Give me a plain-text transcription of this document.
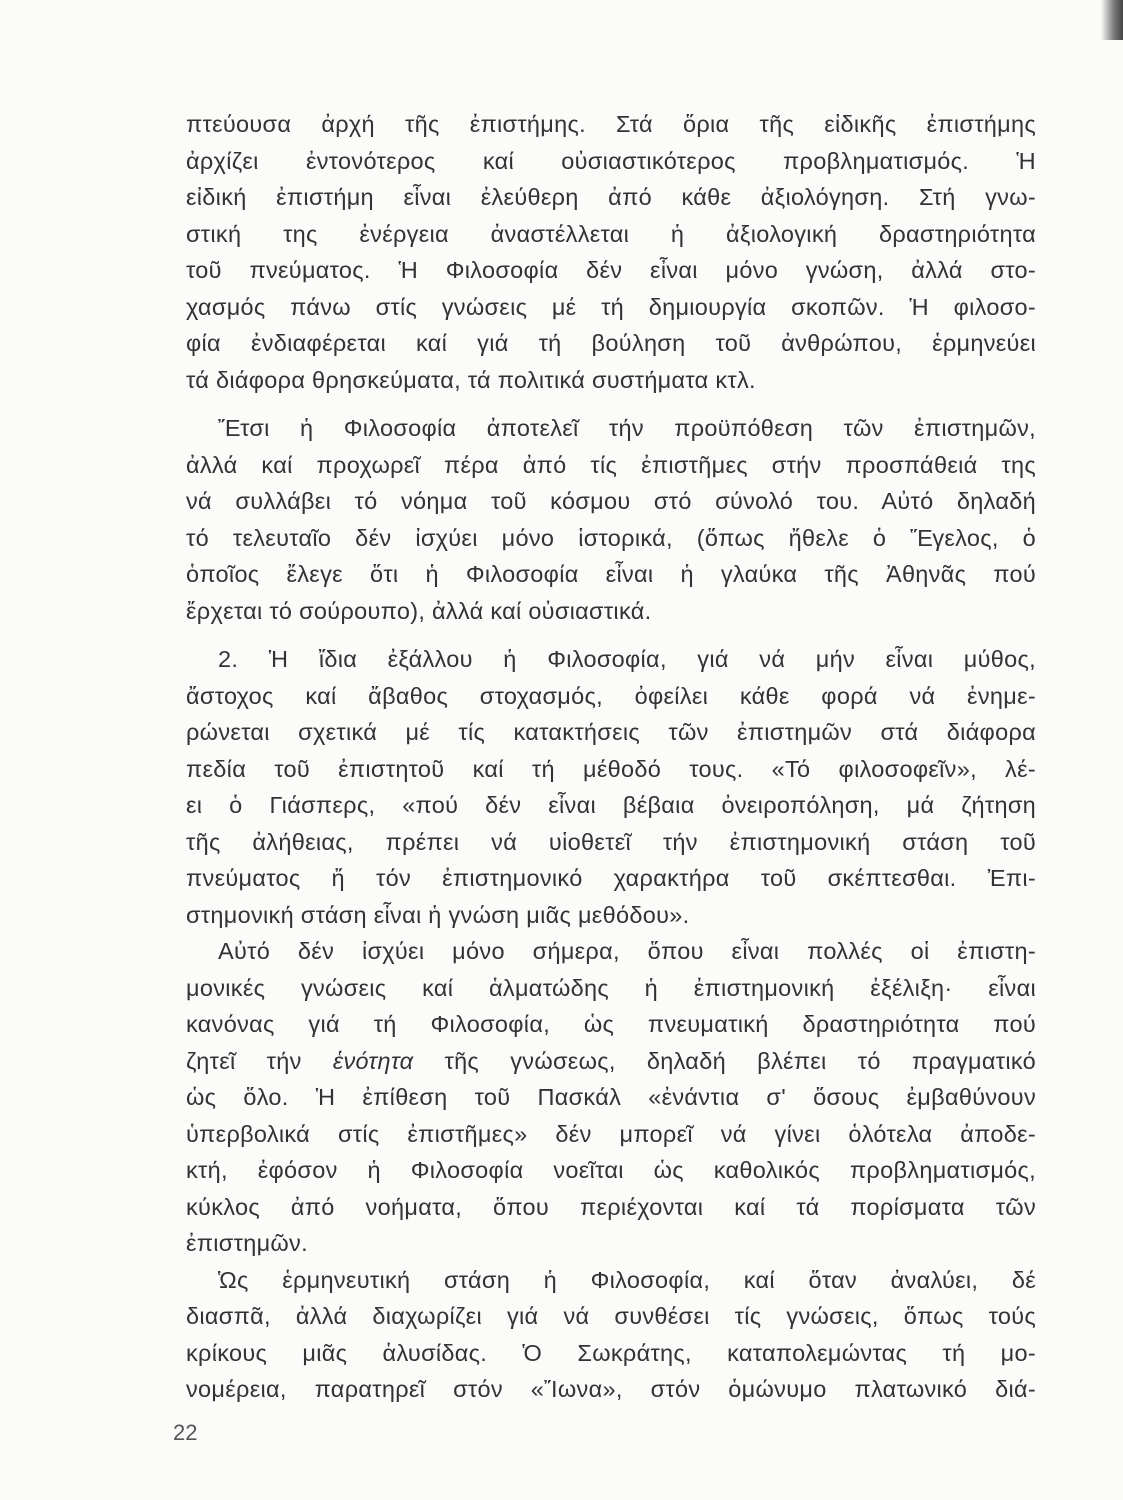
πτεύουσα ἀρχή τῆς ἐπιστήμης. Στά ὅρια τῆς εἰδικῆς ἐπιστήμης
ἀρχίζει ἐντονότερος καί οὐσιαστικότερος προβληματισμός. Ἡ
εἰδική ἐπιστήμη εἶναι ἐλεύθερη ἀπό κάθε ἀξιολόγηση. Στή γνω-
στική της ἐνέργεια ἀναστέλλεται ἡ ἀξιολογική δραστηριότητα
τοῦ πνεύματος. Ἡ Φιλοσοφία δέν εἶναι μόνο γνώση, ἀλλά στο-
χασμός πάνω στίς γνώσεις μέ τή δημιουργία σκοπῶν. Ἡ φιλοσο-
φία ἐνδιαφέρεται καί γιά τή βούληση τοῦ ἀνθρώπου, ἑρμηνεύει
τά διάφορα θρησκεύματα, τά πολιτικά συστήματα κτλ.
Ἔτσι ἡ Φιλοσοφία ἀποτελεῖ τήν προϋπόθεση τῶν ἐπιστημῶν,
ἀλλά καί προχωρεῖ πέρα ἀπό τίς ἐπιστῆμες στήν προσπάθειά της
νά συλλάβει τό νόημα τοῦ κόσμου στό σύνολό του. Αὐτό δηλαδή
τό τελευταῖο δέν ἰσχύει μόνο ἱστορικά, (ὅπως ἤθελε ὁ Ἕγελος, ὁ
ὁποῖος ἔλεγε ὅτι ἡ Φιλοσοφία εἶναι ἡ γλαύκα τῆς Ἀθηνᾶς πού
ἔρχεται τό σούρουπο), ἀλλά καί οὐσιαστικά.
2. Ἡ ἴδια ἐξάλλου ἡ Φιλοσοφία, γιά νά μήν εἶναι μύθος,
ἄστοχος καί ἄβαθος στοχασμός, ὀφείλει κάθε φορά νά ἐνημε-
ρώνεται σχετικά μέ τίς κατακτήσεις τῶν ἐπιστημῶν στά διάφορα
πεδία τοῦ ἐπιστητοῦ καί τή μέθοδό τους. «Τό φιλοσοφεῖν», λέ-
ει ὁ Γιάσπερς, «πού δέν εἶναι βέβαια ὀνειροπόληση, μά ζήτηση
τῆς ἀλήθειας, πρέπει νά υἱοθετεῖ τήν ἐπιστημονική στάση τοῦ
πνεύματος ἤ τόν ἐπιστημονικό χαρακτήρα τοῦ σκέπτεσθαι. Ἐπι-
στημονική στάση εἶναι ἡ γνώση μιᾶς μεθόδου».
Αὐτό δέν ἰσχύει μόνο σήμερα, ὅπου εἶναι πολλές οἱ ἐπιστη-
μονικές γνώσεις καί ἁλματώδης ἡ ἐπιστημονική ἐξέλιξη· εἶναι
κανόνας γιά τή Φιλοσοφία, ὡς πνευματική δραστηριότητα πού
ζητεῖ τήν ἑνότητα τῆς γνώσεως, δηλαδή βλέπει τό πραγματικό
ὡς ὅλο. Ἡ ἐπίθεση τοῦ Πασκάλ «ἐνάντια σ' ὅσους ἐμβαθύνουν
ὑπερβολικά στίς ἐπιστῆμες» δέν μπορεῖ νά γίνει ὁλότελα ἀποδε-
κτή, ἐφόσον ἡ Φιλοσοφία νοεῖται ὡς καθολικός προβληματισμός,
κύκλος ἀπό νοήματα, ὅπου περιέχονται καί τά πορίσματα τῶν
ἐπιστημῶν.
Ὡς ἑρμηνευτική στάση ἡ Φιλοσοφία, καί ὅταν ἀναλύει, δέ
διασπᾶ, ἀλλά διαχωρίζει γιά νά συνθέσει τίς γνώσεις, ὅπως τούς
κρίκους μιᾶς ἁλυσίδας. Ὁ Σωκράτης, καταπολεμώντας τή μο-
νομέρεια, παρατηρεῖ στόν «Ἴωνα», στόν ὁμώνυμο πλατωνικό διά-
22
